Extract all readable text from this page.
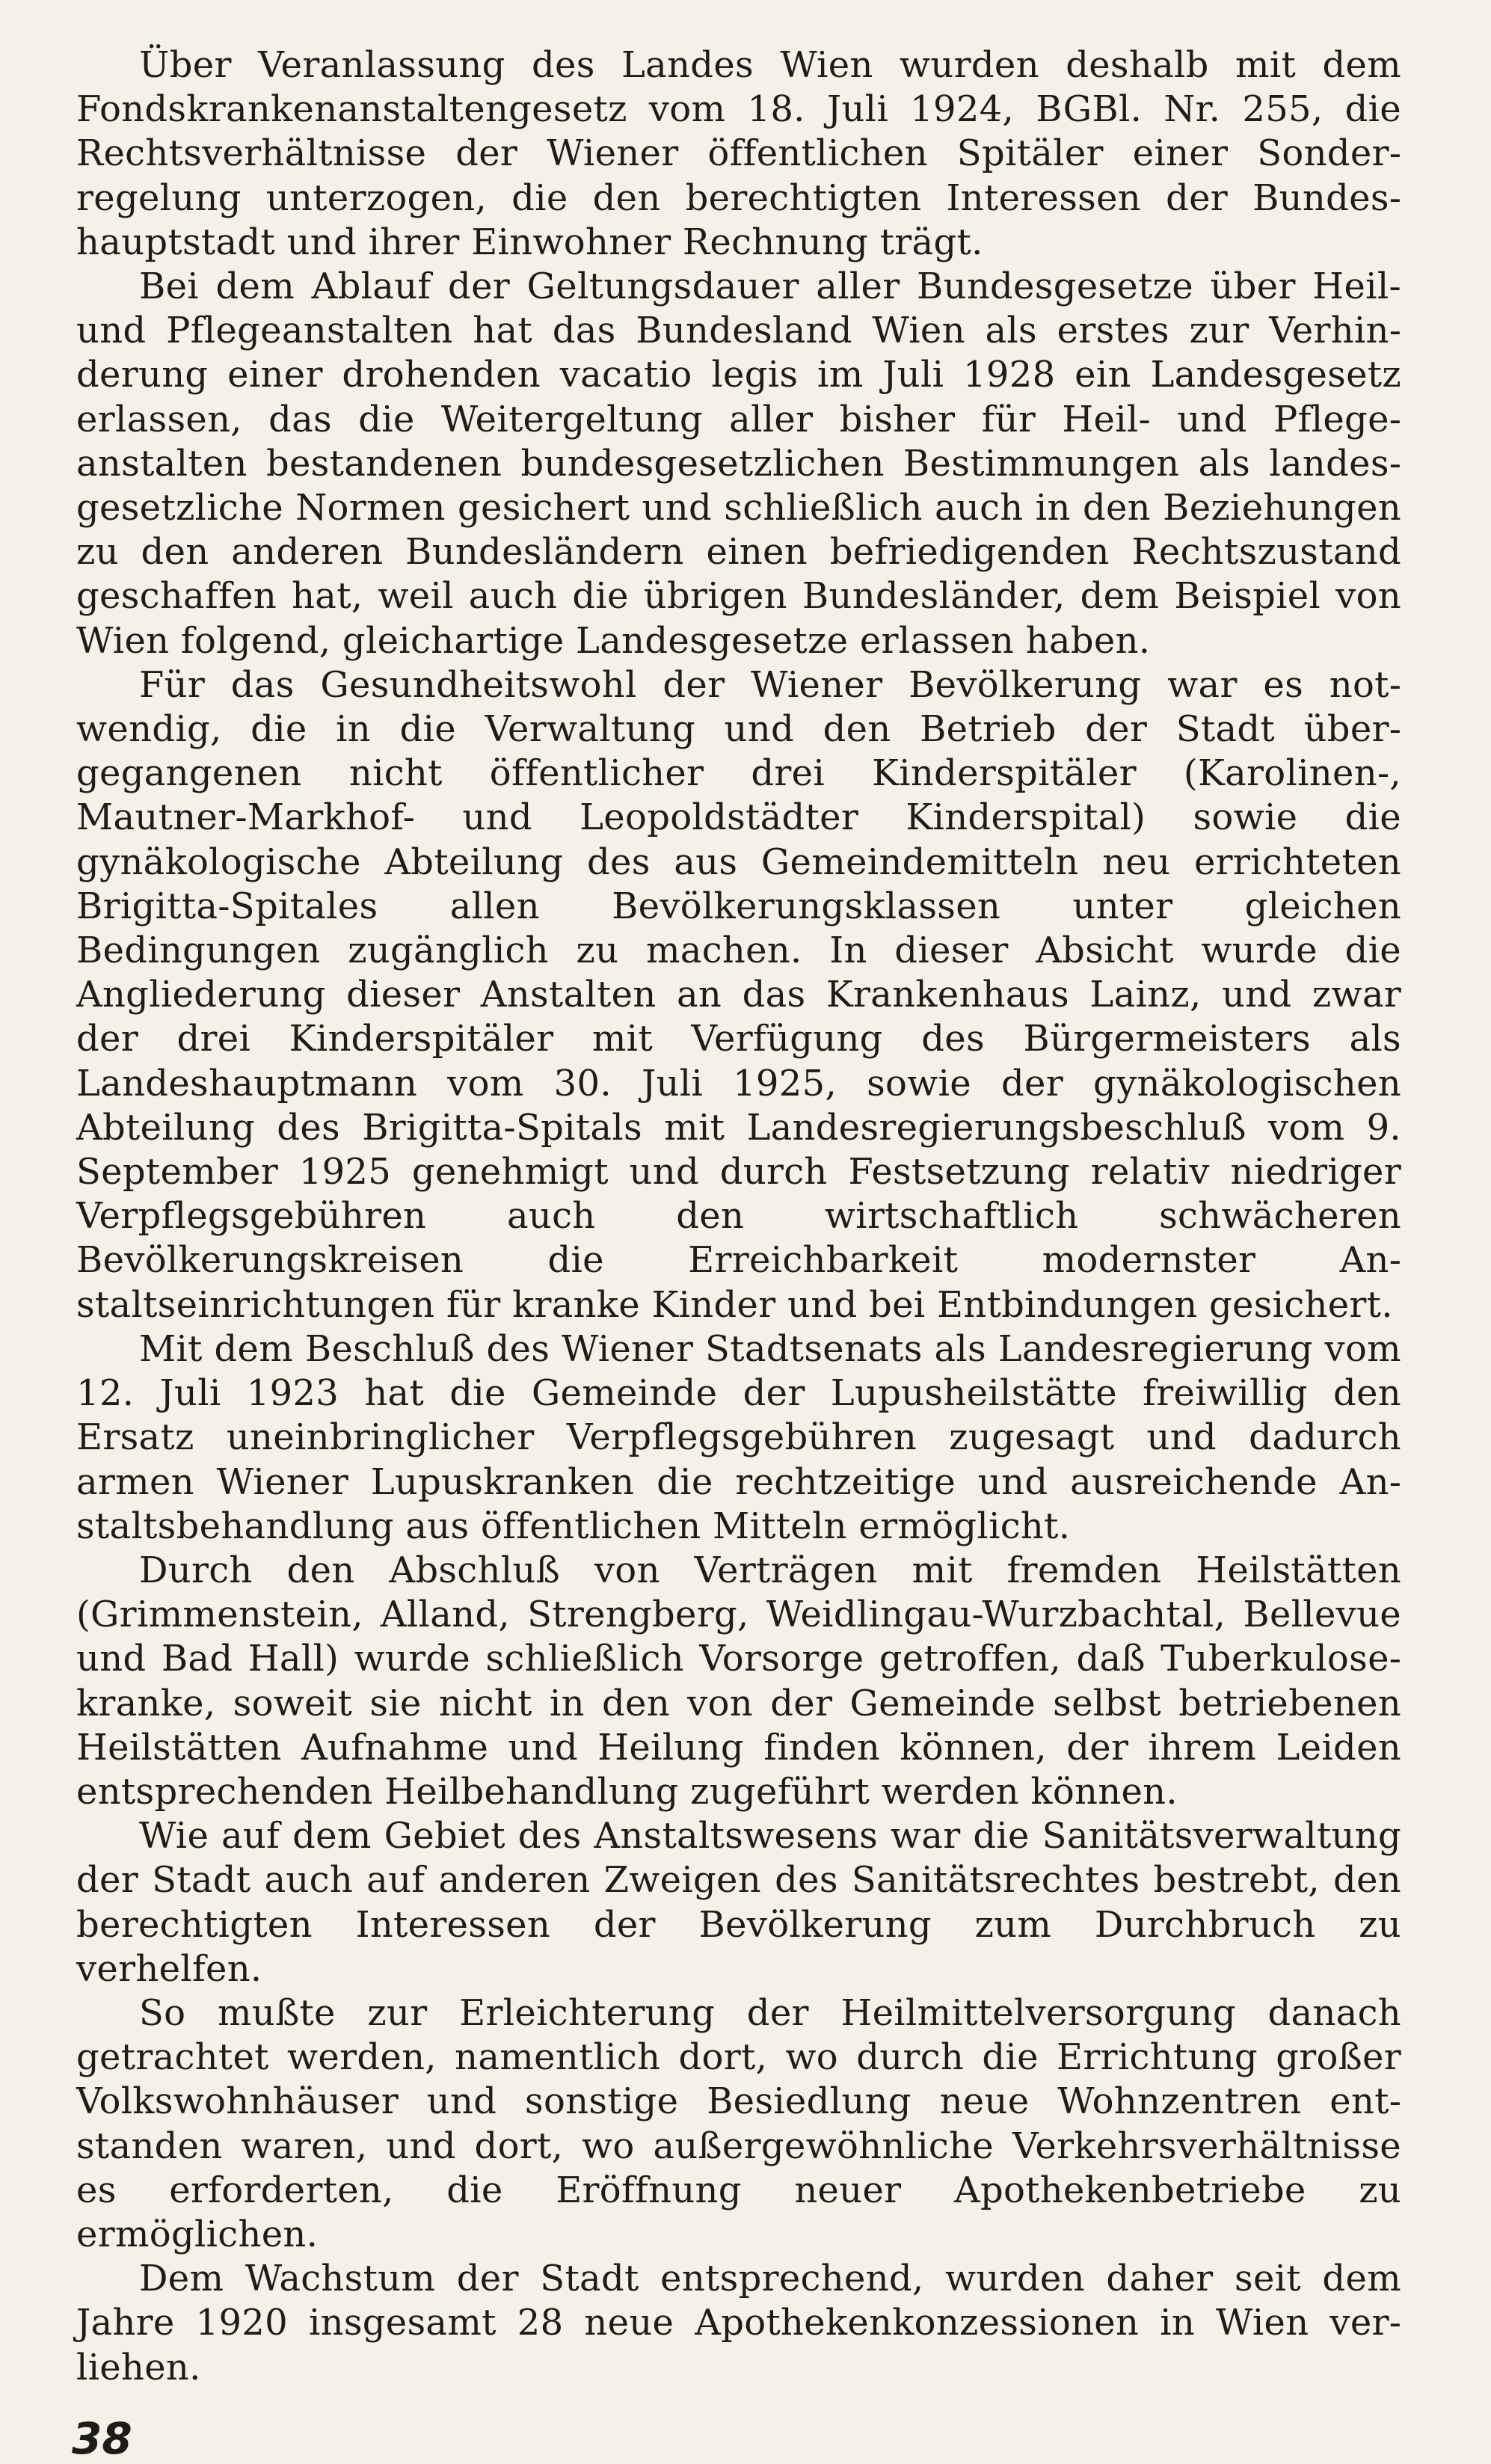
Über Veranlassung des Landes Wien wurden deshalb mit dem Fondskrankenanstaltengesetz vom 18. Juli 1924, BGBl. Nr. 255, die Rechtsverhältnisse der Wiener öffentlichen Spitäler einer Sonderregelung unterzogen, die den berechtigten Interessen der Bundeshauptstadt und ihrer Einwohner Rechnung trägt.

Bei dem Ablauf der Geltungsdauer aller Bundesgesetze über Heil- und Pflegeanstalten hat das Bundesland Wien als erstes zur Verhinderung einer drohenden vacatio legis im Juli 1928 ein Landesgesetz erlassen, das die Weitergeltung aller bisher für Heil- und Pflegeanstalten bestandenen bundesgesetzlichen Bestimmungen als landesgesetzliche Normen gesichert und schließlich auch in den Beziehungen zu den anderen Bundesländern einen befriedigenden Rechtszustand geschaffen hat, weil auch die übrigen Bundesländer, dem Beispiel von Wien folgend, gleichartige Landesgesetze erlassen haben.

Für das Gesundheitswohl der Wiener Bevölkerung war es notwendig, die in die Verwaltung und den Betrieb der Stadt übergegangenen nicht öffentlicher drei Kinderspitäler (Karolinen-, Mautner-Markhof- und Leopoldstädter Kinderspital) sowie die gynäkologische Abteilung des aus Gemeindemitteln neu errichteten Brigitta-Spitales allen Bevölkerungsklassen unter gleichen Bedingungen zugänglich zu machen. In dieser Absicht wurde die Angliederung dieser Anstalten an das Krankenhaus Lainz, und zwar der drei Kinderspitäler mit Verfügung des Bürgermeisters als Landeshauptmann vom 30. Juli 1925, sowie der gynäkologischen Abteilung des Brigitta-Spitals mit Landesregierungsbeschluß vom 9. September 1925 genehmigt und durch Festsetzung relativ niedriger Verpflegsgebühren auch den wirtschaftlich schwächeren Bevölkerungskreisen die Erreichbarkeit modernster Anstaltseinrichtungen für kranke Kinder und bei Entbindungen gesichert.

Mit dem Beschluß des Wiener Stadtsenats als Landesregierung vom 12. Juli 1923 hat die Gemeinde der Lupusheilstätte freiwillig den Ersatz uneinbringlicher Verpflegsgebühren zugesagt und dadurch armen Wiener Lupuskranken die rechtzeitige und ausreichende Anstaltsbehandlung aus öffentlichen Mitteln ermöglicht.

Durch den Abschluß von Verträgen mit fremden Heilstätten (Grimmenstein, Alland, Strengberg, Weidlingau-Wurzbachtal, Bellevue und Bad Hall) wurde schließlich Vorsorge getroffen, daß Tuberkulosekranke, soweit sie nicht in den von der Gemeinde selbst betriebenen Heilstätten Aufnahme und Heilung finden können, der ihrem Leiden entsprechenden Heilbehandlung zugeführt werden können.

Wie auf dem Gebiet des Anstaltswesens war die Sanitätsverwaltung der Stadt auch auf anderen Zweigen des Sanitätsrechtes bestrebt, den berechtigten Interessen der Bevölkerung zum Durchbruch zu verhelfen.

So mußte zur Erleichterung der Heilmittelversorgung danach getrachtet werden, namentlich dort, wo durch die Errichtung großer Volkswohnhäuser und sonstige Besiedlung neue Wohnzentren entstanden waren, und dort, wo außergewöhnliche Verkehrsverhältnisse es erforderten, die Eröffnung neuer Apothekenbetriebe zu ermöglichen.

Dem Wachstum der Stadt entsprechend, wurden daher seit dem Jahre 1920 insgesamt 28 neue Apothekenkonzessionen in Wien verliehen.

38
